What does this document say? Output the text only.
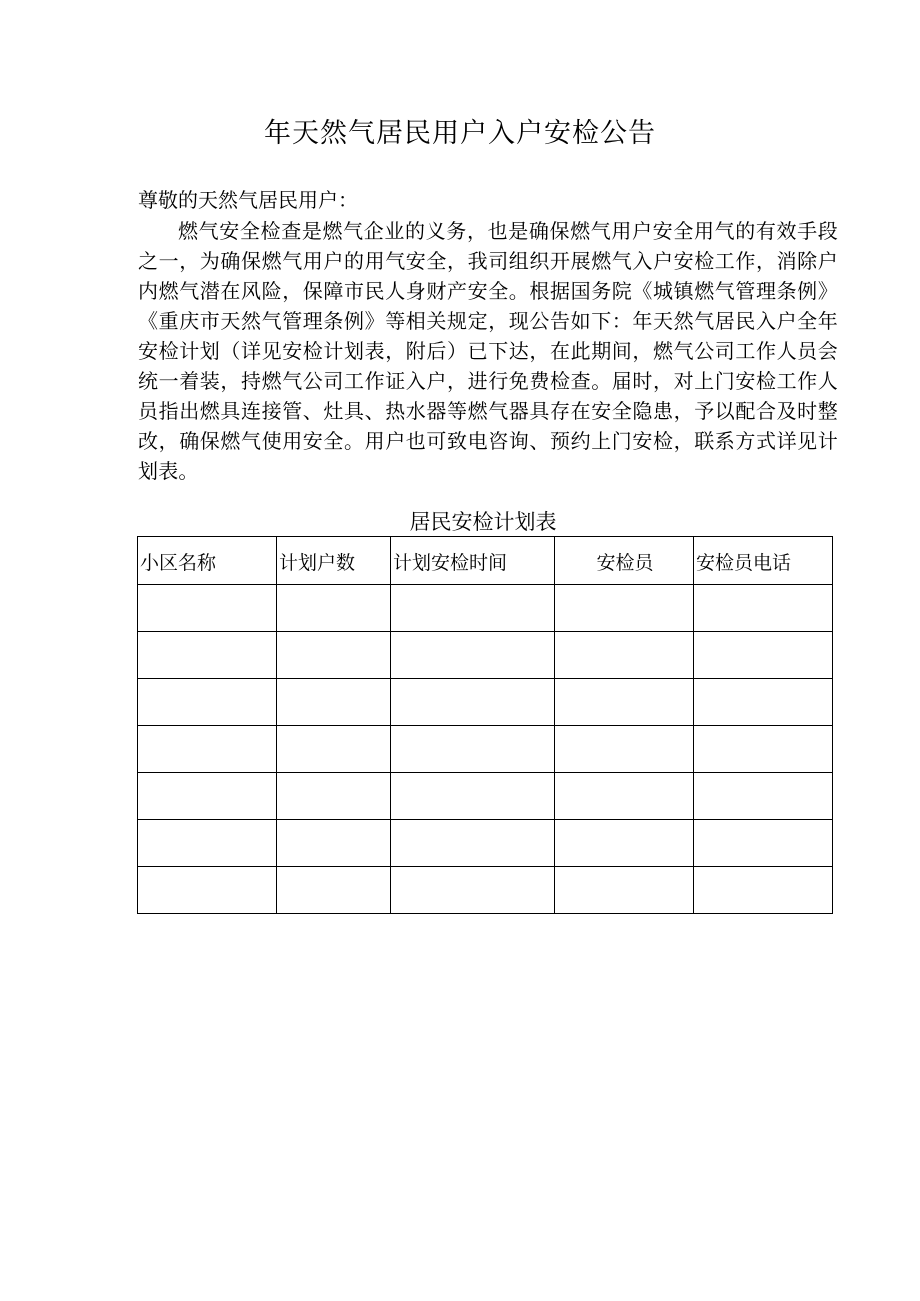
年天然气居民用户入户安检公告
尊敬的天然气居民用户：
燃气安全检查是燃气企业的义务，也是确保燃气用户安全用气的有效手段之一，为确保燃气用户的用气安全，我司组织开展燃气入户安检工作，消除户内燃气潜在风险，保障市民人身财产安全。根据国务院《城镇燃气管理条例》《重庆市天然气管理条例》等相关规定，现公告如下：年天然气居民入户全年安检计划（详见安检计划表，附后）已下达，在此期间，燃气公司工作人员会统一着装，持燃气公司工作证入户，进行免费检查。届时，对上门安检工作人员指出燃具连接管、灶具、热水器等燃气器具存在安全隐患，予以配合及时整改，确保燃气使用安全。用户也可致电咨询、预约上门安检，联系方式详见计划表。
居民安检计划表
小区名称	计划户数	计划安检时间	安检员	安检员电话
